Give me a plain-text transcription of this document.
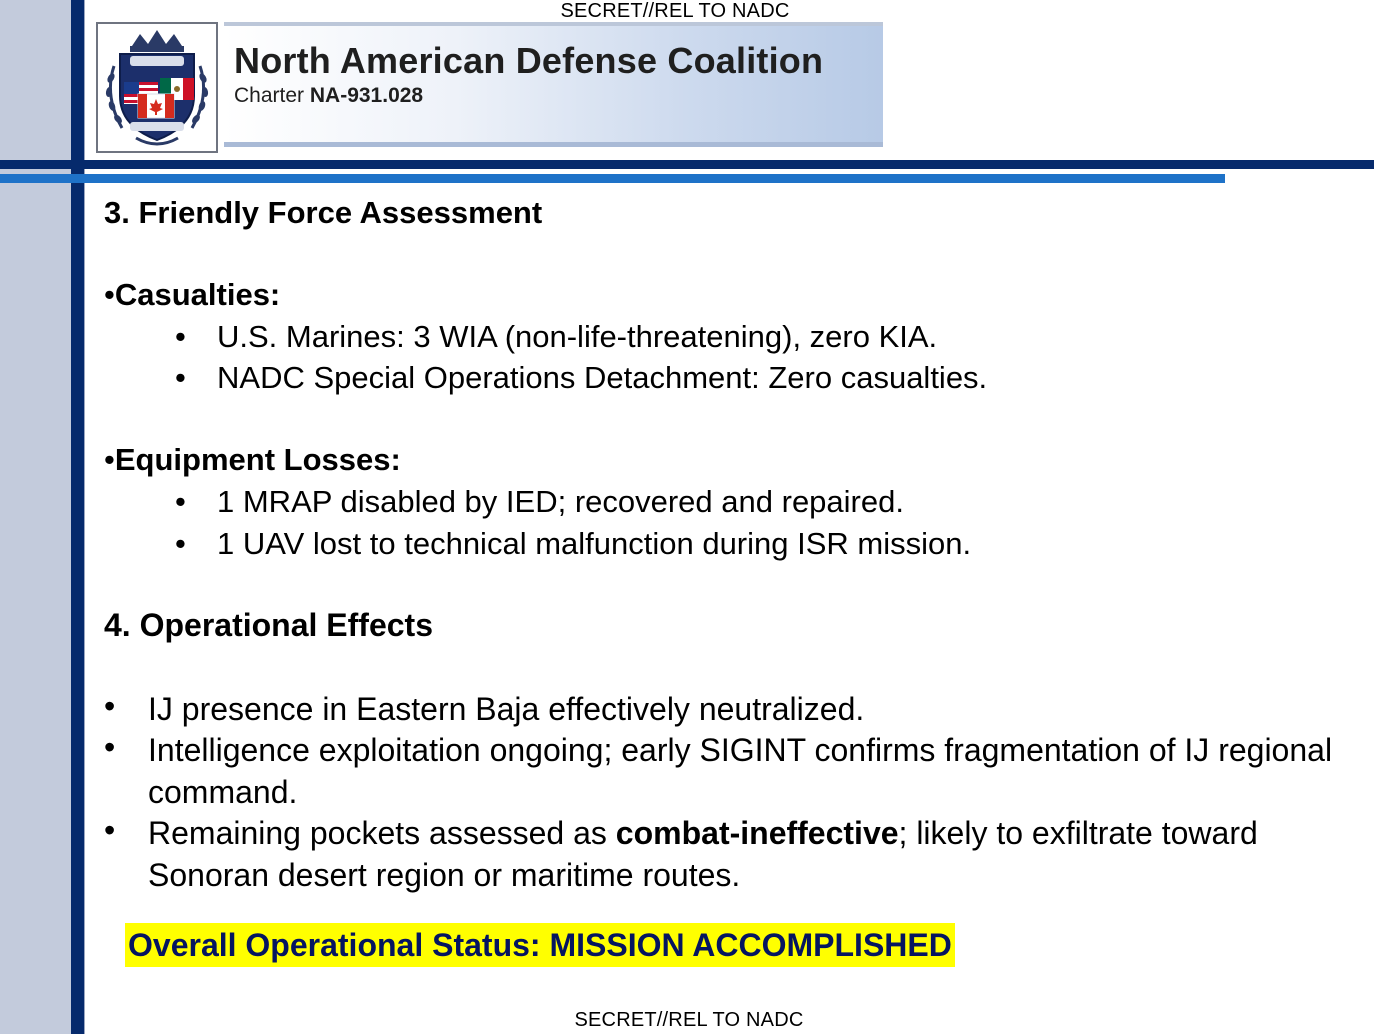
SECRET//REL TO NADC
North American Defense Coalition
Charter NA-931.028
3. Friendly Force Assessment
•Casualties:
• U.S. Marines: 3 WIA (non-life-threatening), zero KIA.
• NADC Special Operations Detachment: Zero casualties.
•Equipment Losses:
• 1 MRAP disabled by IED; recovered and repaired.
• 1 UAV lost to technical malfunction during ISR mission.
4. Operational Effects
• IJ presence in Eastern Baja effectively neutralized.
• Intelligence exploitation ongoing; early SIGINT confirms fragmentation of IJ regional command.
• Remaining pockets assessed as combat-ineffective; likely to exfiltrate toward Sonoran desert region or maritime routes.
Overall Operational Status: MISSION ACCOMPLISHED
SECRET//REL TO NADC
